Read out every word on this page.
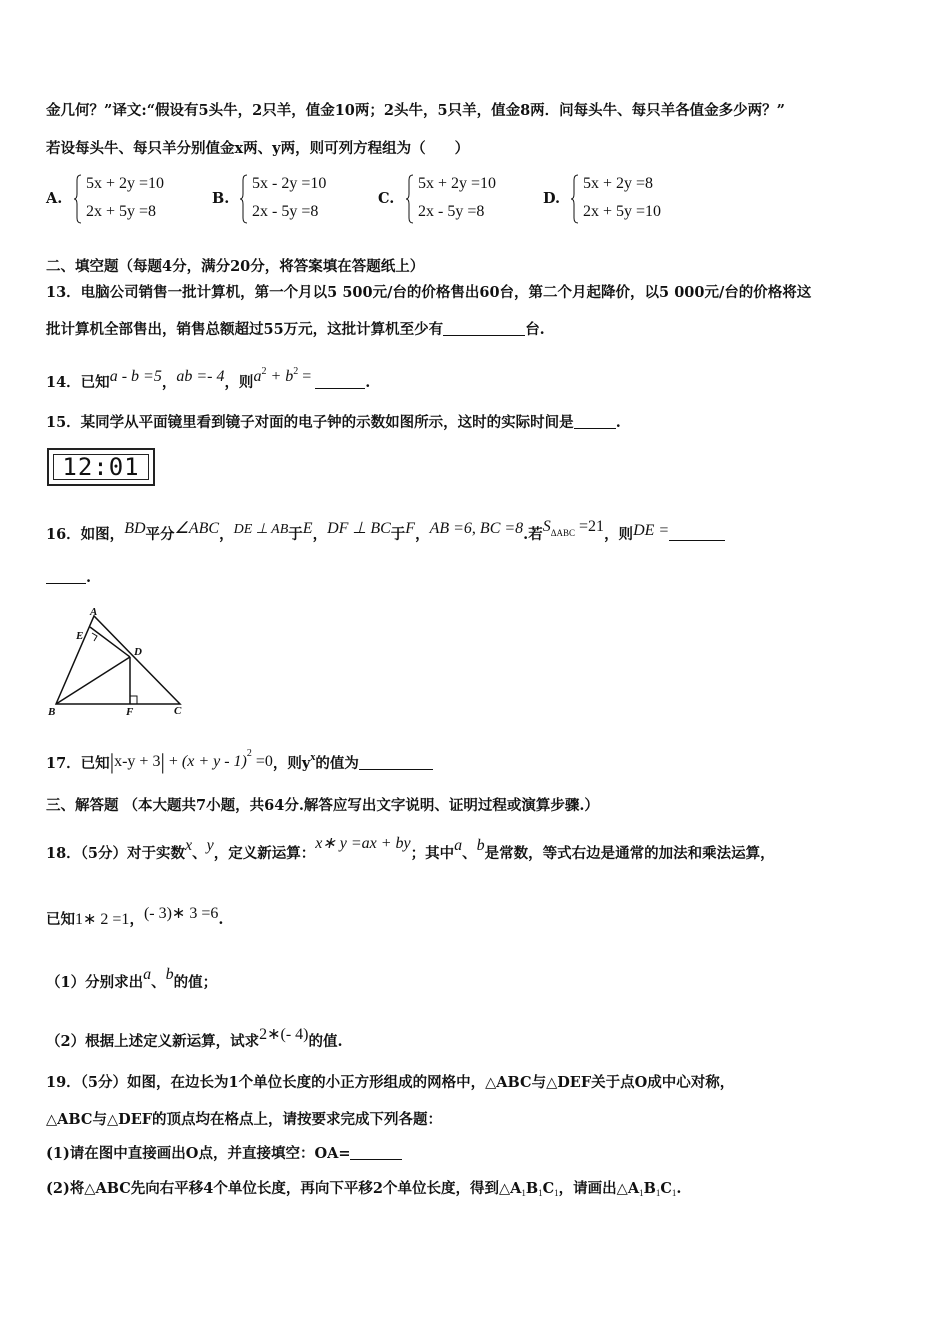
金几何？”译文:“假设有5头牛，2只羊，值金10两；2头牛，5只羊，值金8两．问每头牛、每只羊各值金多少两？”
若设每头牛、每只羊分别值金x两、y两，则可列方程组为（　　）
A.
5x + 2y =10
2x + 5y =8
B.
5x - 2y =10
2x - 5y =8
C.
5x + 2y =10
2x - 5y =8
D.
5x + 2y =8
2x + 5y =10
二、填空题（每题4分，满分20分，将答案填在答题纸上）
13．电脑公司销售一批计算机，第一个月以5 500元/台的价格售出60台，第二个月起降价，以5 000元/台的价格将这
批计算机全部售出，销售总额超过55万元，这批计算机至少有	台.
14．已知a - b =5，ab =- 4，则$a^2 + b^2$ =	.
15．某同学从平面镜里看到镜子对面的电子钟的示数如图所示，这时的实际时间是	.
12:01
16．如图，BD平分∠ABC，DE ⊥ AB于E，DF ⊥ BC于F，AB =6, BC =8.若$S^{\Delta ABC} =21$，则DE =
.
A
E
D
B	F	C
17．已知$|x-y + 3| + (x + y - 1)^2 =0$，则$y^x$的值为
三、解答题 （本大题共7小题，共64分.解答应写出文字说明、证明过程或演算步骤.）
18．（5分）对于实数x、y，定义新运算：x∗ y =ax + by；其中a、b是常数，等式右边是通常的加法和乘法运算，
已知1∗ 2 =1，(- 3)∗ 3 =6.
（1）分别求出a、b的值；
（2）根据上述定义新运算，试求2∗(- 4)的值.
19．（5分）如图，在边长为1个单位长度的小正方形组成的网格中，△ABC与△DEF关于点O成中心对称，
△ABC与△DEF的顶点均在格点上，请按要求完成下列各题：
(1)请在图中直接画出O点，并直接填空：OA=
(2)将△ABC先向右平移4个单位长度，再向下平移2个单位长度，得到$\triangle A_1B_1C_1$，请画出$\triangle A_1B_1C_1$.
